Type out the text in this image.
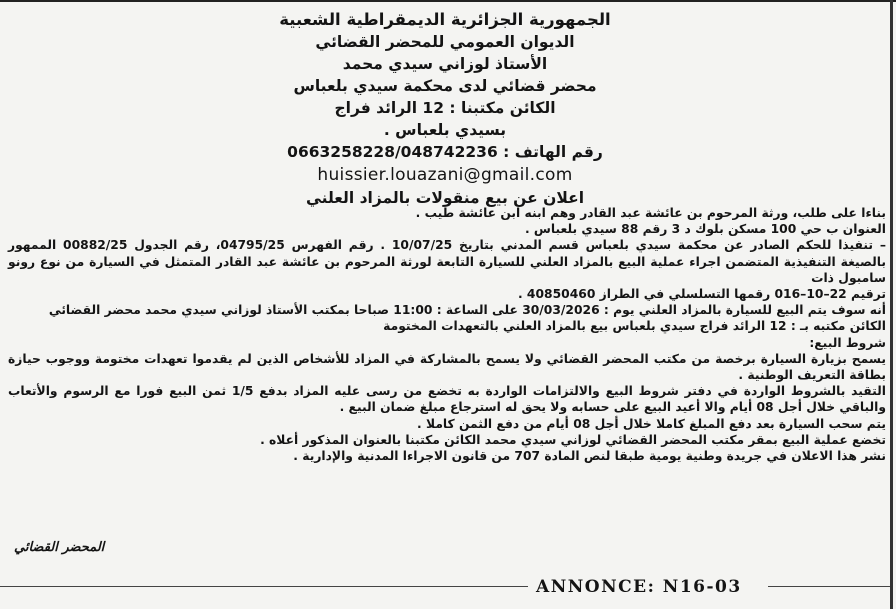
الجمهورية الجزائرية الديمقراطية الشعبية
الديوان العمومي للمحضر القضائي
الأستاذ لوزاني سيدي محمد
محضر قضائي لدى محكمة سيدي بلعباس
الكائن مكتبنا : 12 الرائد فراج
بسيدي بلعباس .
رقم الهاتف : 0663258228/048742236
huissier.louazani@gmail.com
اعلان عن بيع منقولات بالمزاد العلني

بناءا على طلب، ورثة المرحوم بن عائشة عبد القادر وهم ابنه ابن عائشة طيب .

العنوان ب حي 100 مسكن بلوك د 3 رقم 88 سيدي بلعباس .

– تنفيذا للحكم الصادر عن محكمة سيدي بلعباس قسم المدني بتاريخ 10/07/25 . رقم الفهرس 04795/25، رقم الجدول 00882/25 الممهور بالصيغة التنفيذية المتضمن اجراء عملية البيع بالمزاد العلني للسيارة التابعة لورثة المرحوم بن عائشة عبد القادر المتمثل في السيارة من نوع رونو سامبول ذات

ترقيم 22–10–016 رقمها التسلسلي في الطراز 40850460 .

أنه سوف يتم البيع للسيارة بالمزاد العلني يوم : 30/03/2026 على الساعة : 11:00 صباحا بمكتب الأستاذ لوزاني سيدي محمد محضر القضائي

الكائن مكتبه بـ : 12 الرائد فراج سيدي بلعباس بيع بالمزاد العلني بالتعهدات المختومة

شروط البيع:

يسمح بزيارة السيارة برخصة من مكتب المحضر القضائي ولا يسمح بالمشاركة في المزاد للأشخاص الذين لم يقدموا تعهدات مختومة ووجوب حيازة بطاقة التعريف الوطنية .

التقيد بالشروط الواردة في دفتر شروط البيع والالتزامات الواردة به تخضع من رسى عليه المزاد بدفع 1/5 ثمن البيع فورا مع الرسوم والأتعاب والباقي خلال أجل 08 أيام والا أعيد البيع على حسابه ولا يحق له استرجاع مبلغ ضمان البيع .

يتم سحب السيارة بعد دفع المبلغ كاملا خلال أجل 08 أيام من دفع الثمن كاملا .

تخضع عملية البيع بمقر مكتب المحضر القضائي لوزاني سيدي محمد الكائن مكتبنا بالعنوان المذكور أعلاه .

نشر هذا الاعلان في جريدة وطنية يومية طبقا لنص المادة 707 من قانون الاجراءا المدنية والإدارية .

المحضر القضائي
ANNONCE: N16-03
